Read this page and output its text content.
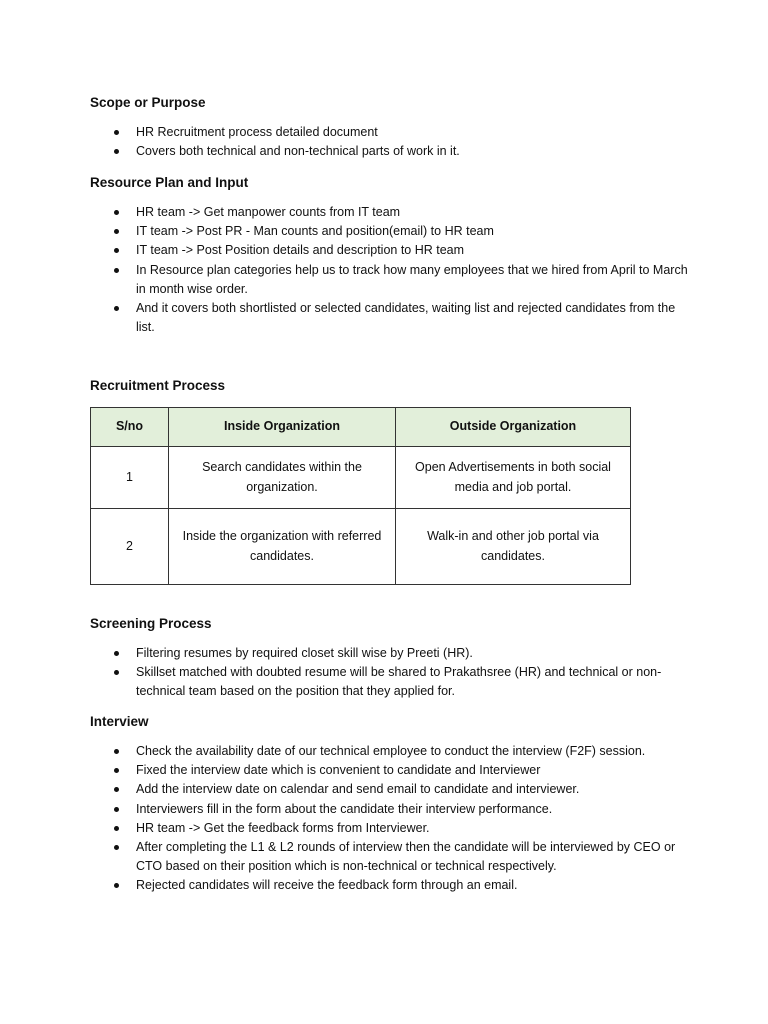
Scope or Purpose
HR Recruitment process detailed document
Covers both technical and non-technical parts of work in it.
Resource Plan and Input
HR team -> Get manpower counts from IT team
IT team -> Post PR - Man counts and position(email) to HR team
IT team -> Post Position details and description to HR team
In Resource plan categories help us to track how many employees that we hired from April to March in month wise order.
And it covers both shortlisted or selected candidates, waiting list and rejected candidates from the list.
Recruitment Process
S/no	Inside Organization	Outside Organization
1	Search candidates within the organization.	Open Advertisements in both social media and job portal.
2	Inside the organization with referred candidates.	Walk-in and other job portal via candidates.
Screening Process
Filtering resumes by required closet skill wise by Preeti (HR).
Skillset matched with doubted resume will be shared to Prakathsree (HR) and technical or non-technical team based on the position that they applied for.
Interview
Check the availability date of our technical employee to conduct the interview (F2F) session.
Fixed the interview date which is convenient to candidate and Interviewer
Add the interview date on calendar and send email to candidate and interviewer.
Interviewers fill in the form about the candidate their interview performance.
HR team -> Get the feedback forms from Interviewer.
After completing the L1 & L2 rounds of interview then the candidate will be interviewed by CEO or CTO based on their position which is non-technical or technical respectively.
Rejected candidates will receive the feedback form through an email.
